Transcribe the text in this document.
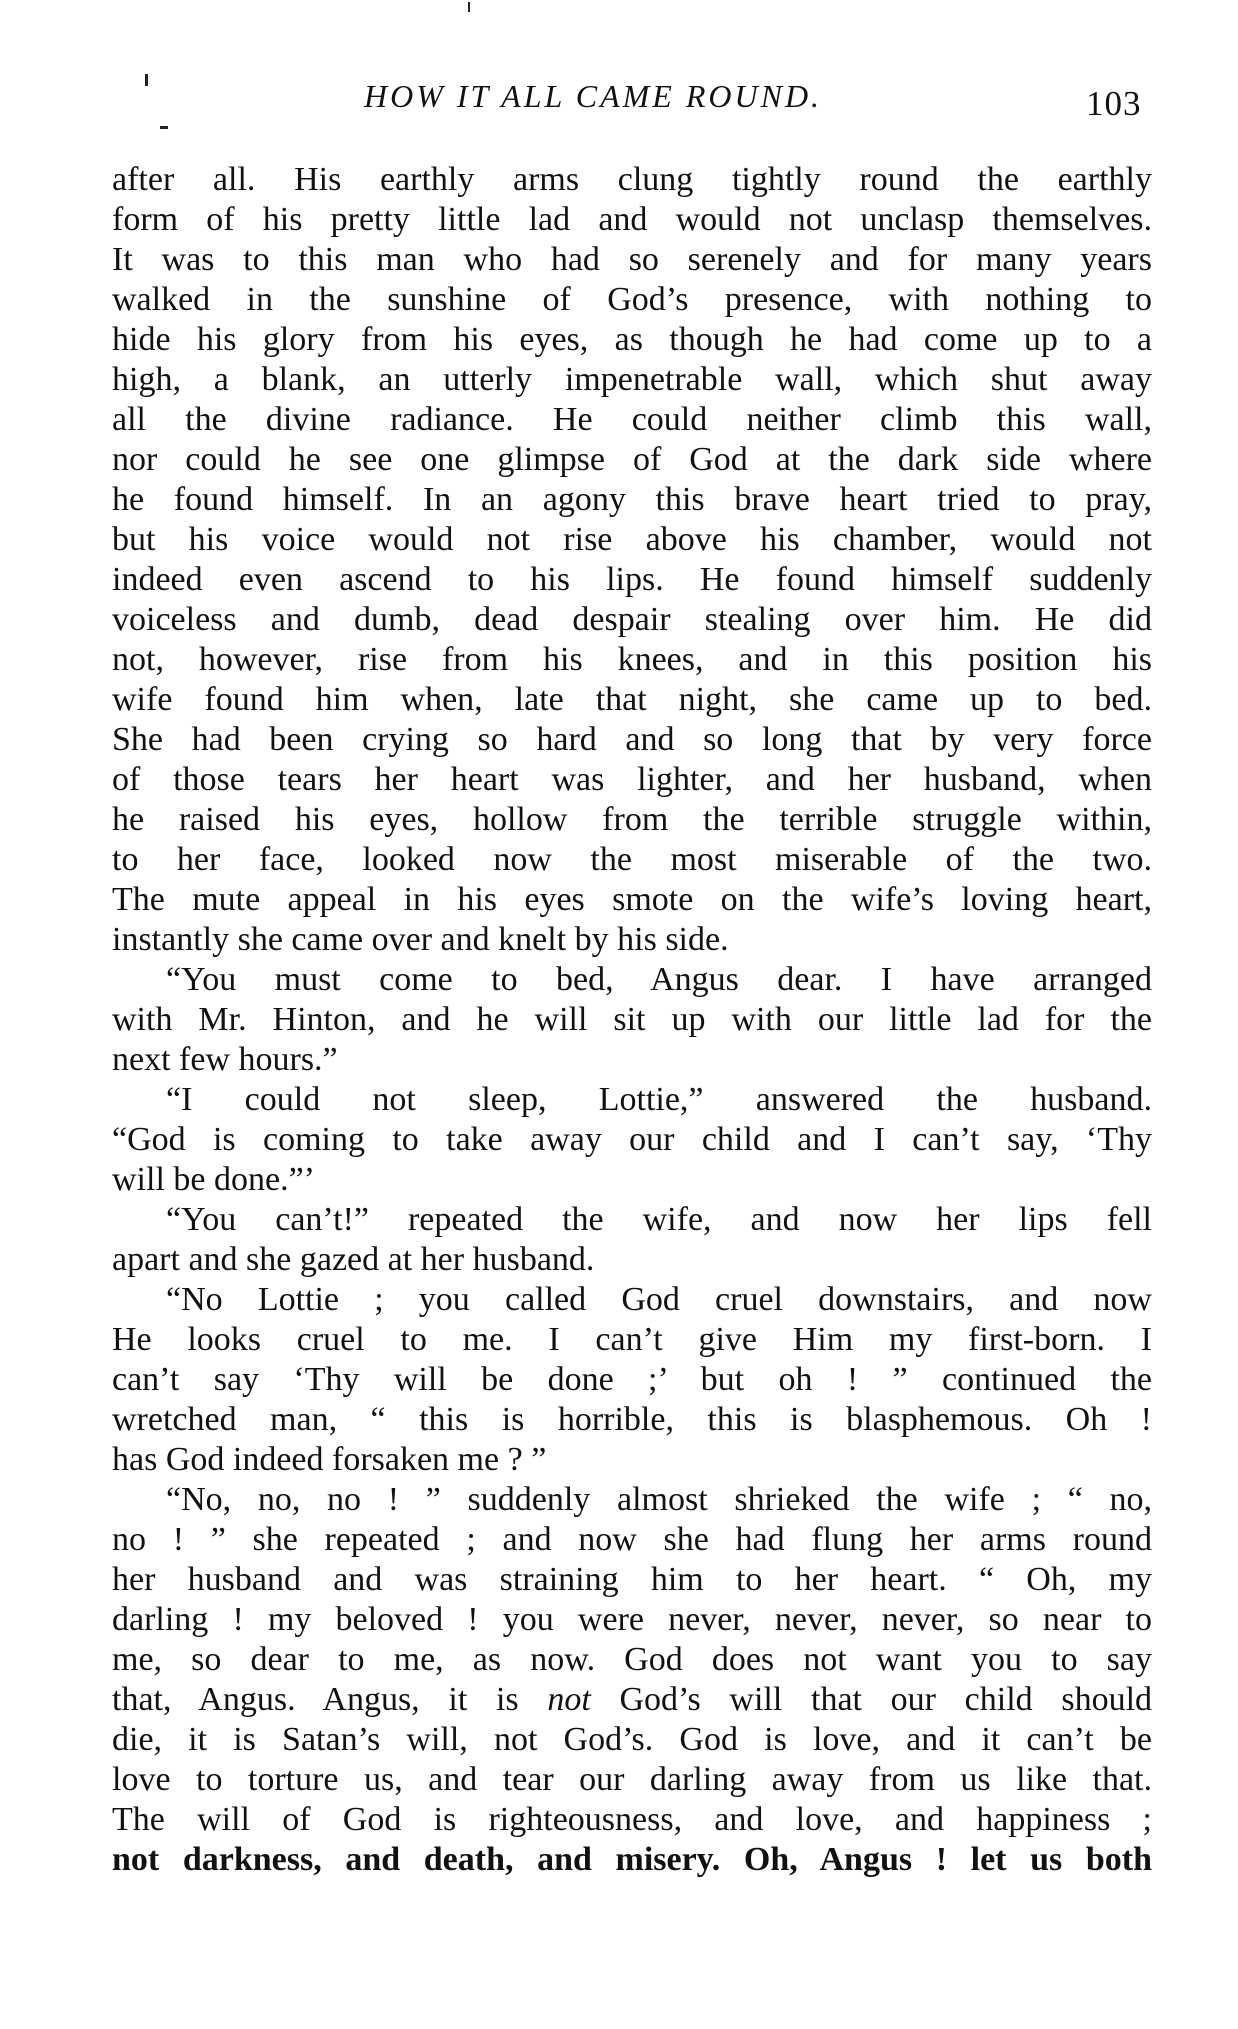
HOW IT ALL CAME ROUND.	103
after all. His earthly arms clung tightly round the earthly
form of his pretty little lad and would not unclasp themselves.
It was to this man who had so serenely and for many years
walked in the sunshine of God’s presence, with nothing to
hide his glory from his eyes, as though he had come up to a
high, a blank, an utterly impenetrable wall, which shut away
all the divine radiance. He could neither climb this wall,
nor could he see one glimpse of God at the dark side where
he found himself. In an agony this brave heart tried to pray,
but his voice would not rise above his chamber, would not
indeed even ascend to his lips. He found himself suddenly
voiceless and dumb, dead despair stealing over him. He did
not, however, rise from his knees, and in this position his
wife found him when, late that night, she came up to bed.
She had been crying so hard and so long that by very force
of those tears her heart was lighter, and her husband, when
he raised his eyes, hollow from the terrible struggle within,
to her face, looked now the most miserable of the two.
The mute appeal in his eyes smote on the wife’s loving heart,
instantly she came over and knelt by his side.
“You must come to bed, Angus dear. I have arranged
with Mr. Hinton, and he will sit up with our little lad for the
next few hours.”
“I could not sleep, Lottie,” answered the husband.
“God is coming to take away our child and I can’t say, ‘Thy
will be done.”’
“You can’t!” repeated the wife, and now her lips fell
apart and she gazed at her husband.
“No Lottie ; you called God cruel downstairs, and now
He looks cruel to me. I can’t give Him my first-born. I
can’t say ‘Thy will be done ;’ but oh ! ” continued the
wretched man, “ this is horrible, this is blasphemous. Oh !
has God indeed forsaken me ? ”
“No, no, no ! ” suddenly almost shrieked the wife ; “ no,
no ! ” she repeated ; and now she had flung her arms round
her husband and was straining him to her heart. “ Oh, my
darling ! my beloved ! you were never, never, never, so near to
me, so dear to me, as now. God does not want you to say
that, Angus. Angus, it is not God’s will that our child should
die, it is Satan’s will, not God’s. God is love, and it can’t be
love to torture us, and tear our darling away from us like that.
The will of God is righteousness, and love, and happiness ;
not darkness, and death, and misery. Oh, Angus ! let us both
